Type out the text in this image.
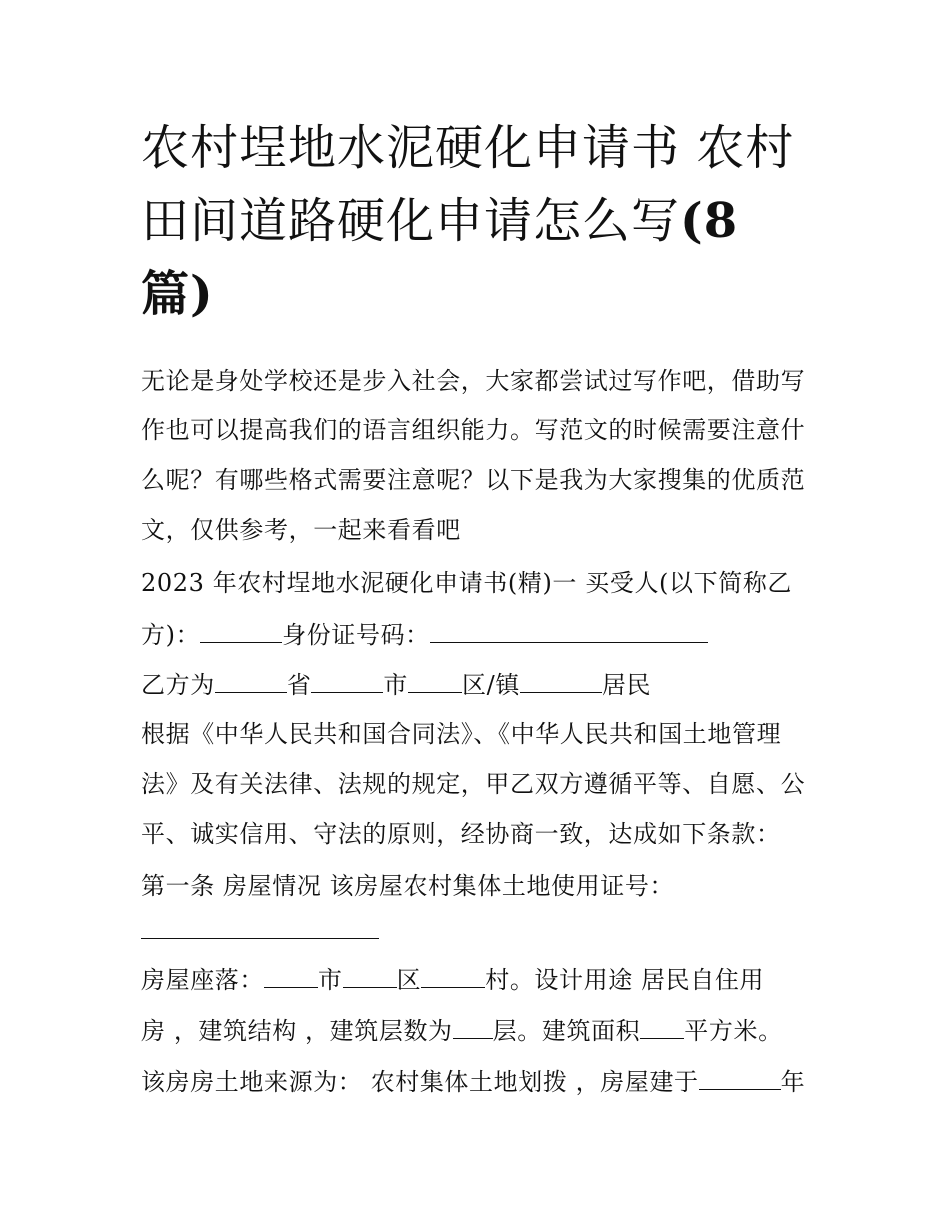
农村埕地水泥硬化申请书 农村
田间道路硬化申请怎么写(8
篇)
无论是身处学校还是步入社会，大家都尝试过写作吧，借助写
作也可以提高我们的语言组织能力。写范文的时候需要注意什
么呢？有哪些格式需要注意呢？以下是我为大家搜集的优质范
文，仅供参考，一起来看看吧
2023 年农村埕地水泥硬化申请书(精)一 买受人(以下简称乙
方)：	身份证号码：
乙方为	省	市 区/镇	居民
根据《中华人民共和国合同法》、《中华人民共和国土地管理
法》及有关法律、法规的规定，甲乙双方遵循平等、自愿、公
平、诚实信用、守法的原则，经协商一致，达成如下条款：
第一条 房屋情况 该房屋农村集体土地使用证号：
房屋座落： 市 区	村。设计用途 居民自住用
房 ，建筑结构 ，建筑层数为 层。建筑面积 平方米。
该房房土地来源为： 农村集体土地划拨 ，房屋建于	年
